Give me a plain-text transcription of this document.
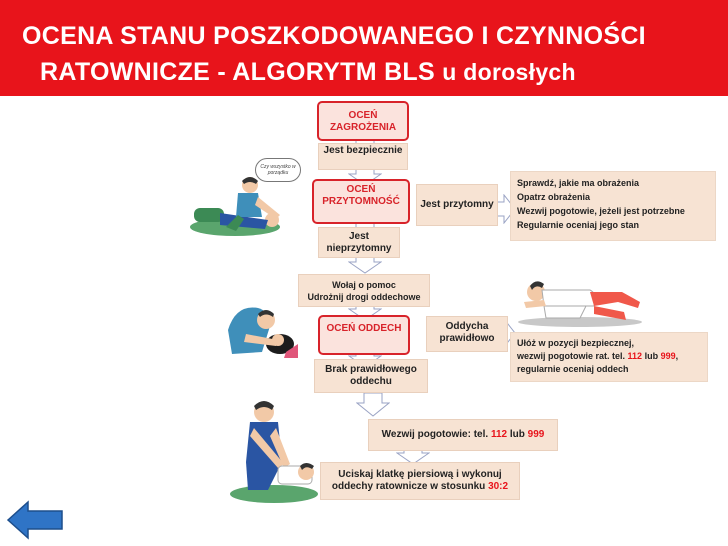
OCENA STANU POSZKODOWANEGO I CZYNNOŚCI
RATOWNICZE - ALGORYTM BLS u dorosłych
OCEŃ ZAGROŻENIA
Jest bezpiecznie
OCEŃ PRZYTOMNOŚĆ	Jest przytomny
Jest nieprzytomny
Wołaj o pomoc
Udrożnij drogi oddechowe
OCEŃ ODDECH	Oddycha prawidłowo
Brak prawidłowego oddechu
Wezwij pogotowie: tel. 112 lub 999
Uciskaj klatkę piersiową i wykonuj oddechy ratownicze w stosunku 30:2
Sprawdź, jakie ma obrażenia
Opatrz obrażenia
Wezwij pogotowie, jeżeli jest potrzebne
Regularnie oceniaj jego stan
Ułóż w pozycji bezpiecznej,
wezwij pogotowie rat. tel. 112 lub 999,
regularnie oceniaj oddech
Czy wszystko w porządku
